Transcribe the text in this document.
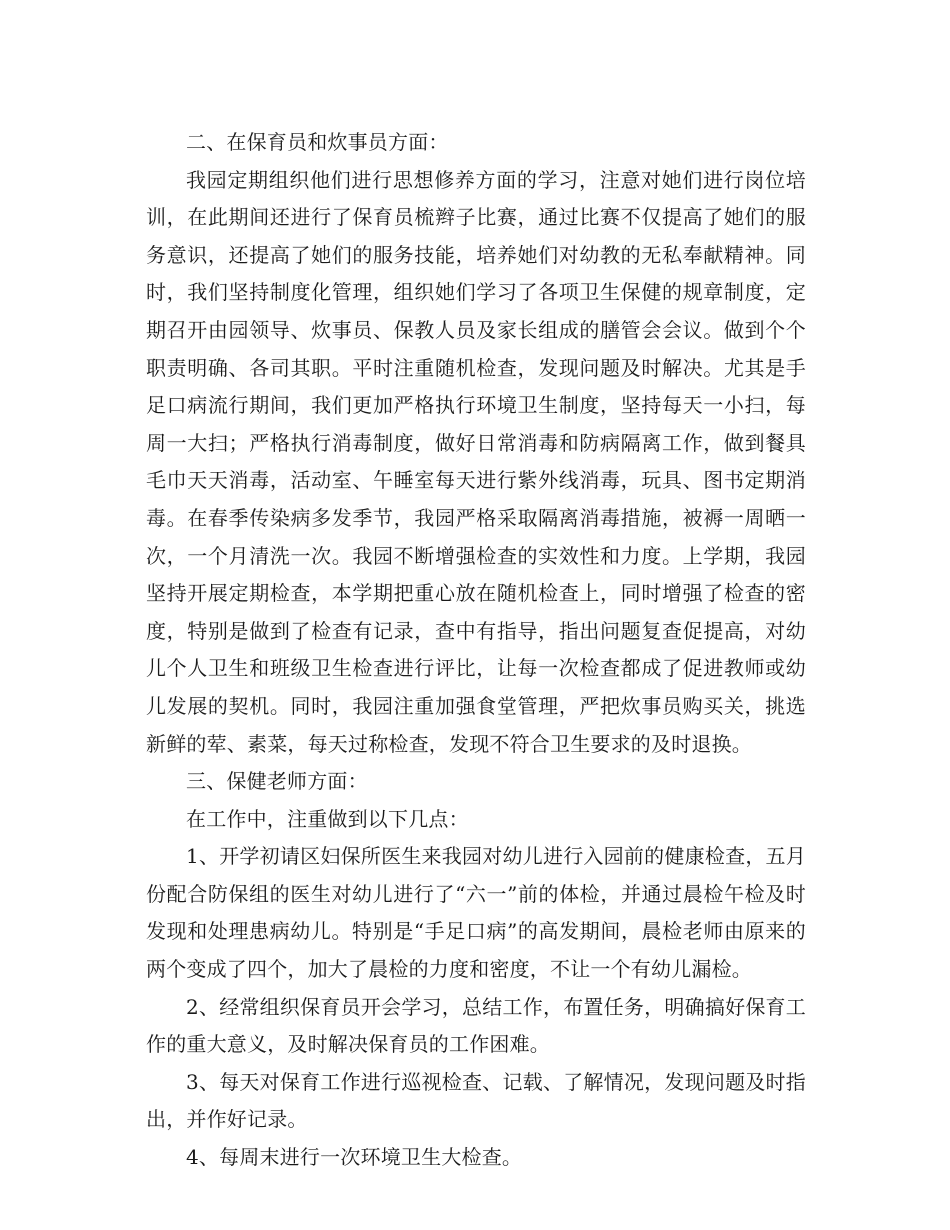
二、在保育员和炊事员方面：

我园定期组织他们进行思想修养方面的学习，注意对她们进行岗位培训，在此期间还进行了保育员梳辫子比赛，通过比赛不仅提高了她们的服务意识，还提高了她们的服务技能，培养她们对幼教的无私奉献精神。同时，我们坚持制度化管理，组织她们学习了各项卫生保健的规章制度，定期召开由园领导、炊事员、保教人员及家长组成的膳管会会议。做到个个职责明确、各司其职。平时注重随机检查，发现问题及时解决。尤其是手足口病流行期间，我们更加严格执行环境卫生制度，坚持每天一小扫，每周一大扫；严格执行消毒制度，做好日常消毒和防病隔离工作，做到餐具毛巾天天消毒，活动室、午睡室每天进行紫外线消毒，玩具、图书定期消毒。在春季传染病多发季节，我园严格采取隔离消毒措施，被褥一周晒一次，一个月清洗一次。我园不断增强检查的实效性和力度。上学期，我园坚持开展定期检查，本学期把重心放在随机检查上，同时增强了检查的密度，特别是做到了检查有记录，查中有指导，指出问题复查促提高，对幼儿个人卫生和班级卫生检查进行评比，让每一次检查都成了促进教师或幼儿发展的契机。同时，我园注重加强食堂管理，严把炊事员购买关，挑选新鲜的荤、素菜，每天过称检查，发现不符合卫生要求的及时退换。

三、保健老师方面：

在工作中，注重做到以下几点：

1、开学初请区妇保所医生来我园对幼儿进行入园前的健康检查，五月份配合防保组的医生对幼儿进行了“六一”前的体检，并通过晨检午检及时发现和处理患病幼儿。特别是“手足口病”的高发期间，晨检老师由原来的两个变成了四个，加大了晨检的力度和密度，不让一个有幼儿漏检。

2、经常组织保育员开会学习，总结工作，布置任务，明确搞好保育工作的重大意义，及时解决保育员的工作困难。

3、每天对保育工作进行巡视检查、记载、了解情况，发现问题及时指出，并作好记录。

4、每周末进行一次环境卫生大检查。
